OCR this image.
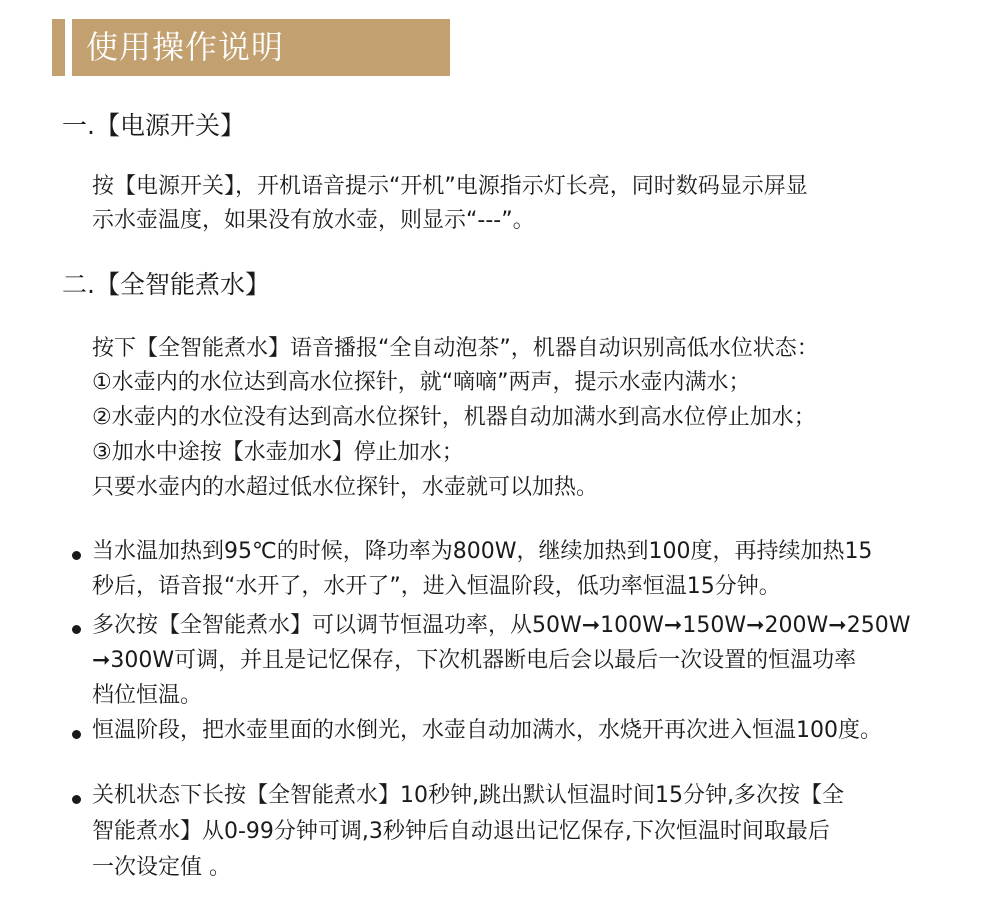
使用操作说明
一.【电源开关】
按【电源开关】，开机语音提示“开机”电源指示灯长亮，同时数码显示屏显
示水壶温度，如果没有放水壶，则显示“---”。
二.【全智能煮水】
按下【全智能煮水】语音播报“全自动泡茶”，机器自动识别高低水位状态：
①水壶内的水位达到高水位探针，就“嘀嘀”两声，提示水壶内满水；
②水壶内的水位没有达到高水位探针，机器自动加满水到高水位停止加水；
③加水中途按【水壶加水】停止加水；
只要水壶内的水超过低水位探针，水壶就可以加热。
当水温加热到95℃的时候，降功率为800W，继续加热到100度，再持续加热15
秒后，语音报“水开了，水开了”，进入恒温阶段，低功率恒温15分钟。
多次按【全智能煮水】可以调节恒温功率，从50W➞100W➞150W➞200W➞250W
➞300W可调，并且是记忆保存，下次机器断电后会以最后一次设置的恒温功率
档位恒温。
恒温阶段，把水壶里面的水倒光，水壶自动加满水，水烧开再次进入恒温100度。
关机状态下长按【全智能煮水】10秒钟,跳出默认恒温时间15分钟,多次按【全
智能煮水】从0-99分钟可调,3秒钟后自动退出记忆保存,下次恒温时间取最后
一次设定值 。
